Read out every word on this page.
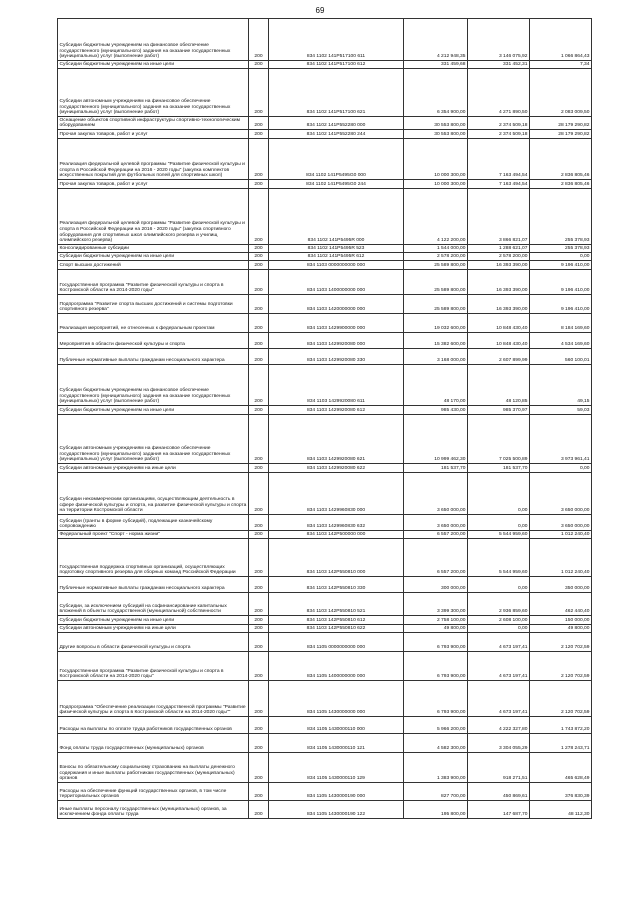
69
Субсидии бюджетным учреждениям на финансовое обеспечение государственного (муниципального) задания на оказание государственных (муниципальных) услуг (выполнение работ)	200	834 1102 141P517100 611	4 212 948,35	3 146 075,92	1 066 864,43
Субсидии бюджетным учреждениям на иные цели	200	834 1102 141P517100 612	331 459,68	331 452,31	7,34
Субсидии автономным учреждениям на финансовое обеспечение государственного (муниципального) задания на оказание государственных (муниципальных) услуг (выполнение работ)	200	834 1102 141P517100 621	6 354 900,00	4 271 890,50	2 083 009,50
Оснащение объектов спортивной инфраструктуры спортивно-технологическим оборудованием	200	834 1102 141P552280 000	30 553 800,00	2 374 509,18	28 179 290,82
Прочая закупка товаров, работ и услуг	200	834 1102 141P552280 244	30 553 800,00	2 374 509,18	28 179 290,82
Реализация федеральной целевой программы "Развитие физической культуры и спорта в Российской Федерации на 2016 - 2020 годы" (закупка комплектов искусственных покрытий для футбольных полей для спортивных школ)	200	834 1102 141P5495G0 000	10 000 300,00	7 163 494,54	2 836 805,46
Прочая закупка товаров, работ и услуг	200	834 1102 141P5495G0 244	10 000 300,00	7 163 494,54	2 836 805,46
Реализация федеральной целевой программы "Развитие физической культуры и спорта в Российской Федерации на 2016 - 2020 годы" (закупка спортивного оборудования для спортивных школ олимпийского резерва и училищ олимпийского резерва)	200	834 1102 141P5495R 000	4 122 200,00	3 866 821,07	255 378,93
Консолидированные субсидии	200	834 1102 141P5495R 523	1 544 000,00	1 288 621,07	255 378,93
Субсидии бюджетным учреждениям на иные цели	200	834 1102 141P5495R 612	2 578 200,00	2 578 200,00	0,00
Спорт высших достижений	200	834 1103 0000000000 000	25 589 800,00	16 393 390,00	9 196 410,00
Государственная программа "Развитие физической культуры и спорта в Костромской области на 2014-2020 годы"	200	834 1103 1400000000 000	25 589 800,00	16 393 390,00	9 196 410,00
Подпрограмма "Развитие спорта высших достижений и системы подготовки спортивного резерва"	200	834 1103 1420000000 000	25 589 800,00	16 393 390,00	9 196 410,00
Реализация мероприятий, не отнесенных к федеральным проектам	200	834 1103 1429900000 000	19 032 600,00	10 848 430,40	8 184 169,60
Мероприятия в области физической культуры и спорта	200	834 1103 1429920080 000	15 382 600,00	10 848 430,40	4 534 169,60
Публичные нормативные выплаты гражданам несоциального характера	200	834 1103 1429920080 330	3 168 000,00	2 607 899,99	560 100,01
Субсидии бюджетным учреждениям на финансовое обеспечение государственного (муниципального) задания на оказание государственных (муниципальных) услуг (выполнение работ)	200	834 1103 1429920080 611	48 170,00	48 120,85	49,15
Субсидии бюджетным учреждениям на иные цели	200	834 1103 1429920080 612	985 430,00	985 370,97	59,03
Субсидии автономным учреждениям на финансовое обеспечение государственного (муниципального) задания на оказание государственных (муниципальных) услуг (выполнение работ)	200	834 1103 1429920080 621	10 999 462,30	7 025 500,89	3 973 961,41
Субсидии автономным учреждениям на иные цели	200	834 1103 1429920080 622	181 537,70	181 537,70	0,00
Субсидии некоммерческим организациям, осуществляющим деятельность в сфере физической культуры и спорта, на развитие физической культуры и спорта на территории Костромской области	200	834 1103 1429960830 000	3 650 000,00	0,00	3 650 000,00
Субсидии (гранты в форме субсидий), подлежащие казначейскому сопровождению	200	834 1103 1429960830 632	3 650 000,00	0,00	3 650 000,00
Федеральный проект "Спорт - норма жизни"	200	834 1103 142P500000 000	6 557 200,00	5 544 959,60	1 012 240,40
Государственная поддержка спортивных организаций, осуществляющих подготовку спортивного резерва для сборных команд Российской Федерации	200	834 1103 142P550810 000	6 557 200,00	5 544 959,60	1 012 240,40
Публичные нормативные выплаты гражданам несоциального характера	200	834 1103 142P550810 330	300 000,00	0,00	350 000,00
Субсидии, за исключением субсидий на софинансирование капитальных вложений в объекты государственной (муниципальной) собственности	200	834 1103 142P550810 521	3 399 300,00	2 936 859,60	462 440,40
Субсидии бюджетным учреждениям на иные цели	200	834 1103 142P550810 612	2 758 100,00	2 608 100,00	150 000,00
Субсидии автономным учреждениям на иные цели	200	834 1103 142P550810 622	49 800,00	0,00	49 800,00
Другие вопросы в области физической культуры и спорта	200	834 1105 0000000000 000	6 793 900,00	4 673 197,41	2 120 702,59
Государственная программа "Развитие физической культуры и спорта в Костромской области на 2014-2020 годы"	200	834 1105 1400000000 000	6 793 900,00	4 673 197,41	2 120 702,59
Подпрограмма "Обеспечение реализации государственной программы "Развитие физической культуры и спорта в Костромской области на 2014-2020 годы""	200	834 1105 1430000000 000	6 793 900,00	4 673 197,41	2 120 702,59
Расходы на выплаты по оплате труда работников государственных органов	200	834 1105 1430000110 000	5 966 200,00	4 222 327,80	1 743 872,20
Фонд оплаты труда государственных (муниципальных) органов	200	834 1105 1430000110 121	4 582 300,00	3 304 055,29	1 278 243,71
Взносы по обязательному социальному страхованию на выплаты денежного содержания и иные выплаты работникам государственных (муниципальных) органов	200	834 1105 1430000110 129	1 383 900,00	918 271,51	465 628,49
Расходы на обеспечение функций государственных органов, в том числе территориальных органов	200	834 1105 1430000190 000	827 700,00	450 869,61	376 830,39
Иные выплаты персоналу государственных (муниципальных) органов, за исключением фонда оплаты труда	200	834 1105 1430000190 122	195 800,00	147 687,70	48 112,30
